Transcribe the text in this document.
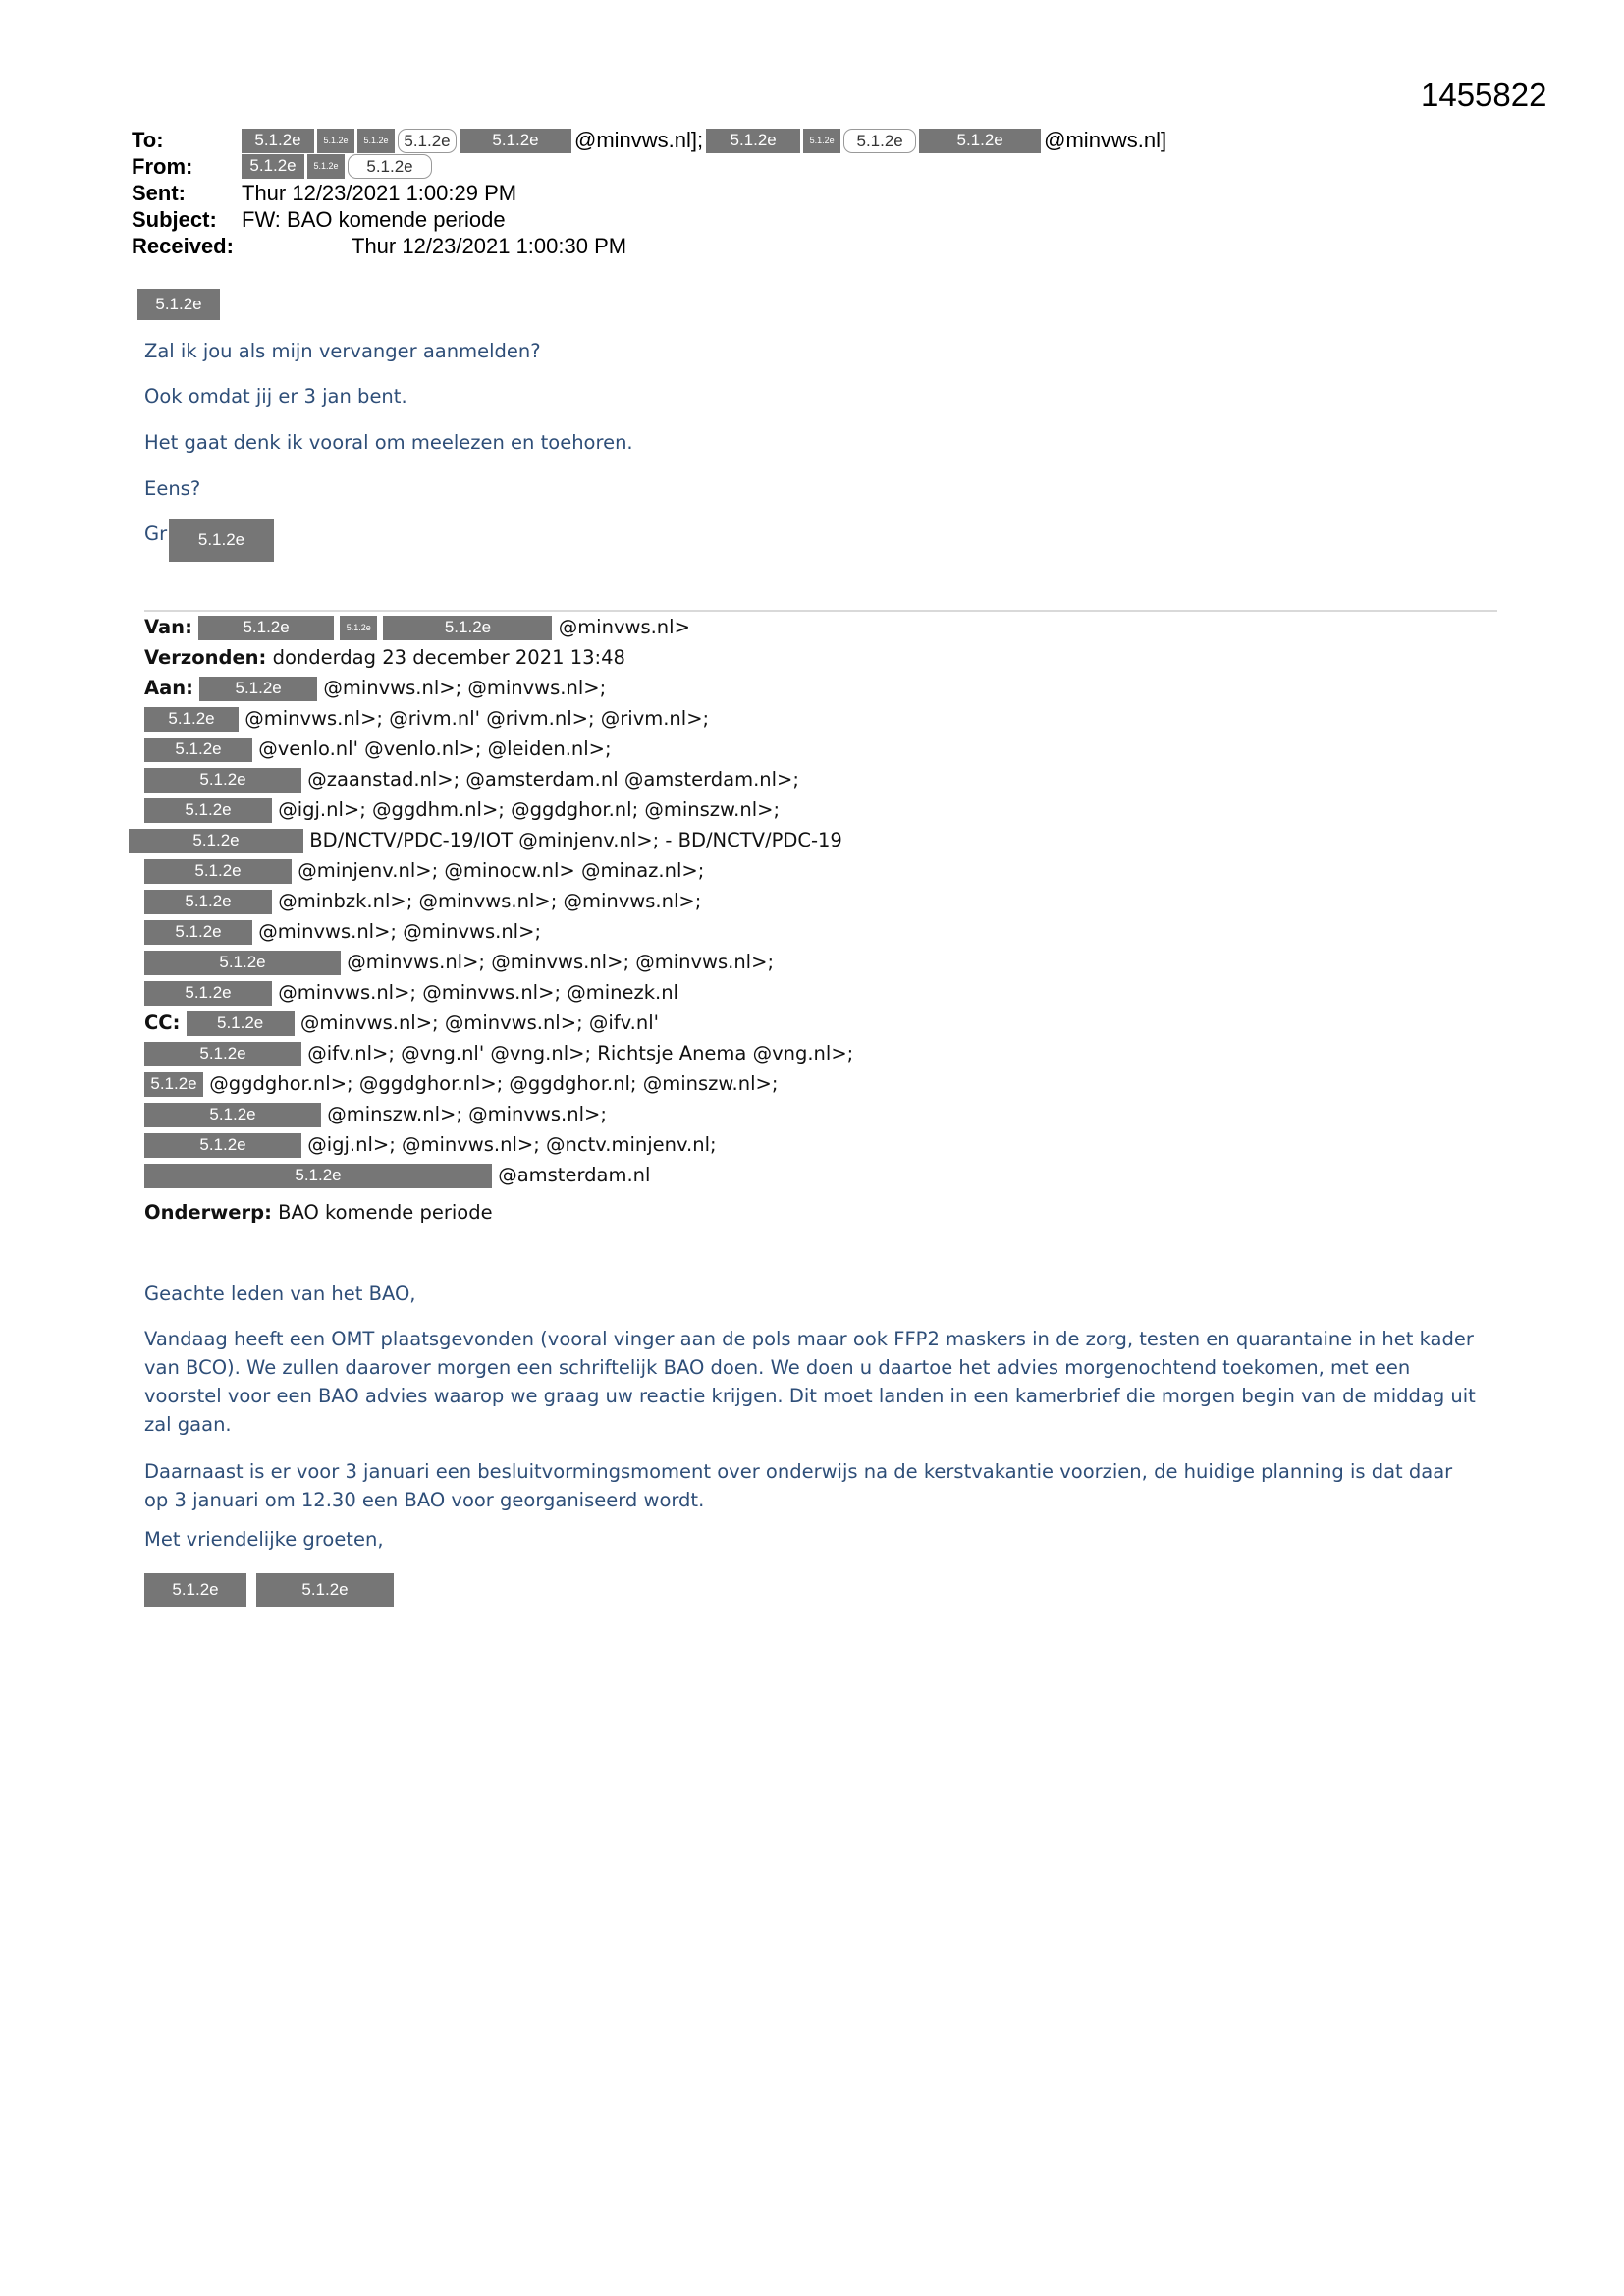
1455822
To:	5.1.2e	5.1.2e	5.1.2e 5.1.2e	5.1.2e	@minvws.nl];	5.1.2e	5.1.2e	5.1.2e	5.1.2e	@minvws.nl]
From:	5.1.2e	5.1.2e	5.1.2e
Sent:	Thur 12/23/2021 1:00:29 PM
Subject: FW: BAO komende periode
Received:	Thur 12/23/2021 1:00:30 PM
5.1.2e
Zal ik jou als mijn vervanger aanmelden?
Ook omdat jij er 3 jan bent.
Het gaat denk ik vooral om meelezen en toehoren.
Eens?
Gr	5.1.2e
Van:	5.1.2e	5.1.2e	5.1.2e	@minvws.nl>
Verzonden: donderdag 23 december 2021 13:48
Aan:	5.1.2e @minvws.nl>; @minvws.nl>;
5.1.2e @minvws.nl>; @rivm.nl' @rivm.nl>; @rivm.nl>;
5.1.2e @venlo.nl' @venlo.nl>; @leiden.nl>;
5.1.2e	@zaanstad.nl>; @amsterdam.nl @amsterdam.nl>;
5.1.2e @igj.nl>; @ggdhm.nl>; @ggdghor.nl; @minszw.nl>;
5.1.2e	BD/NCTV/PDC-19/IOT @minjenv.nl>; - BD/NCTV/PDC-19
5.1.2e	@minjenv.nl>; @minocw.nl> @minaz.nl>;
5.1.2e @minbzk.nl>; @minvws.nl>; @minvws.nl>;
5.1.2e @minvws.nl>; @minvws.nl>;
5.1.2e	@minvws.nl>; @minvws.nl>; @minvws.nl>;
5.1.2e @minvws.nl>; @minvws.nl>; @minezk.nl
CC: 5.1.2e @minvws.nl>; @minvws.nl>; @ifv.nl'
5.1.2e	@ifv.nl>; @vng.nl' @vng.nl>; Richtsje Anema @vng.nl>;
5.1.2e @ggdghor.nl>; @ggdghor.nl>; @ggdghor.nl; @minszw.nl>;
5.1.2e	@minszw.nl>; @minvws.nl>;
5.1.2e	@igj.nl>; @minvws.nl>; @nctv.minjenv.nl;
5.1.2e	@amsterdam.nl
Onderwerp: BAO komende periode
Geachte leden van het BAO,
Vandaag heeft een OMT plaatsgevonden (vooral vinger aan de pols maar ook FFP2 maskers in de zorg, testen en quarantaine in het kader van BCO). We zullen daarover morgen een schriftelijk BAO doen. We doen u daartoe het advies morgenochtend toekomen, met een voorstel voor een BAO advies waarop we graag uw reactie krijgen. Dit moet landen in een kamerbrief die morgen begin van de middag uit zal gaan.
Daarnaast is er voor 3 januari een besluitvormingsmoment over onderwijs na de kerstvakantie voorzien, de huidige planning is dat daar op 3 januari om 12.30 een BAO voor georganiseerd wordt.
Met vriendelijke groeten,
5.1.2e	5.1.2e
